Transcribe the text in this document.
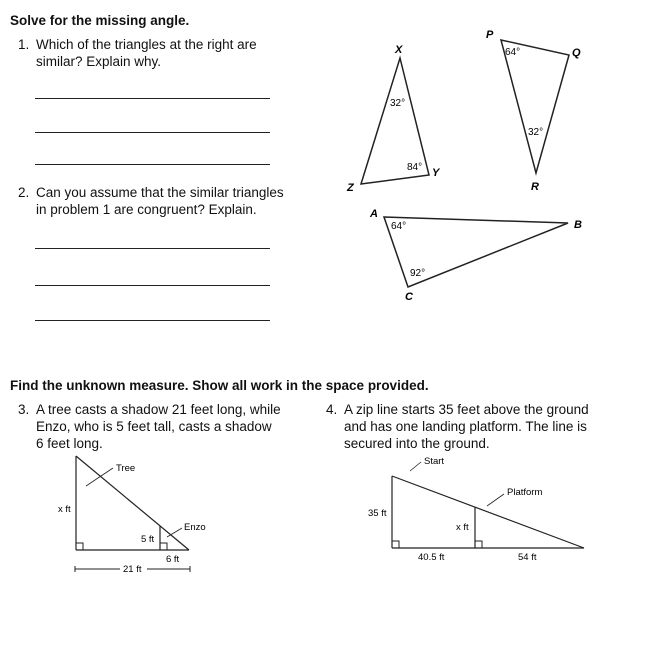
Solve for the missing angle.
1. Which of the triangles at the right are
similar? Explain why.
2. Can you assume that the similar triangles
in problem 1 are congruent? Explain.
X
Y
Z
32°
84°
P
Q
R
64°
32°
A
B
C
64°
92°
Tree
x ft
5 ft
Enzo
6 ft
21 ft
Start
Platform
35 ft
x ft
40.5 ft	54 ft
Find the unknown measure. Show all work in the space provided.
3. A tree casts a shadow 21 feet long, while
Enzo, who is 5 feet tall, casts a shadow
6 feet long.
4. A zip line starts 35 feet above the ground
and has one landing platform. The line is
secured into the ground.
